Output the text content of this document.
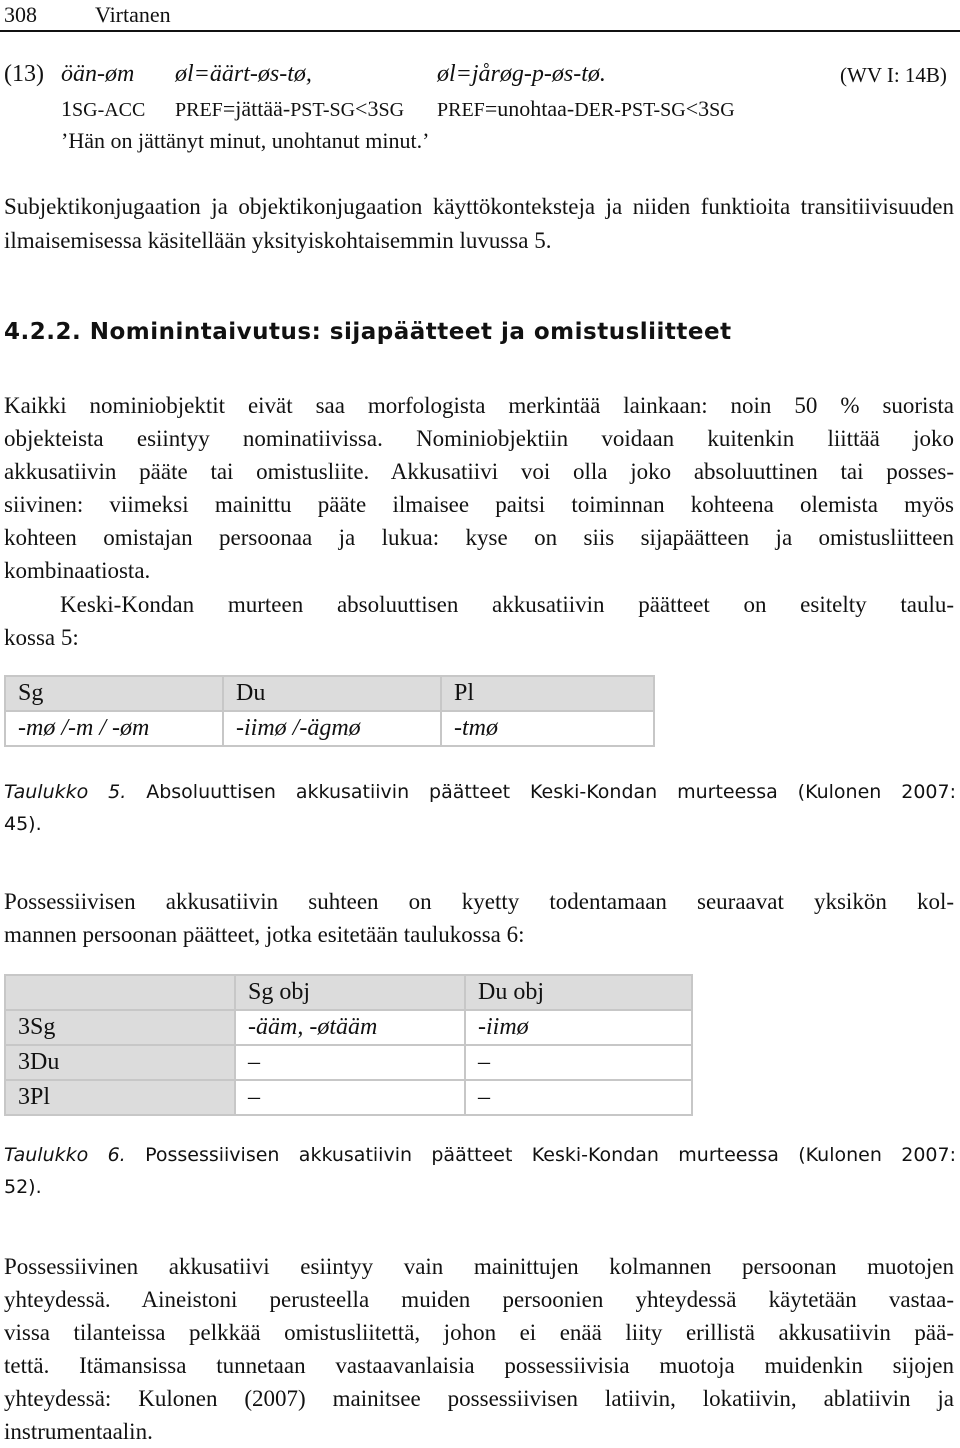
308	Virtanen
(13) öän-øm øl=äärt-øs-tø,	øl=jårøg-p-øs-tø.	(WV I: 14B)
1SG-ACC PREF=jättää-PST-SG<3SG PREF=unohtaa-DER-PST-SG<3SG
’Hän on jättänyt minut, unohtanut minut.’
Subjektikonjugaation ja objektikonjugaation käyttökonteksteja ja niiden funktioita transitiivisuuden ilmaisemisessa käsitellään yksityiskohtaisemmin luvussa 5.
4.2.2. Nominintaivutus: sijapäätteet ja omistusliitteet
Kaikki nominiobjektit eivät saa morfologista merkintää lainkaan: noin 50 % suorista
objekteista esiintyy nominatiivissa. Nominiobjektiin voidaan kuitenkin liittää joko
akkusatiivin pääte tai omistusliite. Akkusatiivi voi olla joko absoluuttinen tai posses-
siivinen: viimeksi mainittu pääte ilmaisee paitsi toiminnan kohteena olemista myös
kohteen omistajan persoonaa ja lukua: kyse on siis sijapäätteen ja omistusliitteen
kombinaatiosta.
Keski-Kondan murteen absoluuttisen akkusatiivin päätteet on esitelty taulu-
kossa 5:
Sg	Du	Pl
-mø /-m / -øm	-iimø /-ägmø	-tmø
Taulukko 5. Absoluuttisen akkusatiivin päätteet Keski-Kondan murteessa (Kulonen 2007:
45).
Possessiivisen akkusatiivin suhteen on kyetty todentamaan seuraavat yksikön kol-
mannen persoonan päätteet, jotka esitetään taulukossa 6:
	Sg obj	Du obj
3Sg	-ääm, -øtääm	-iimø
3Du	–	–
3Pl	–	–
Taulukko 6. Possessiivisen akkusatiivin päätteet Keski-Kondan murteessa (Kulonen 2007:
52).
Possessiivinen akkusatiivi esiintyy vain mainittujen kolmannen persoonan muotojen
yhteydessä. Aineistoni perusteella muiden persoonien yhteydessä käytetään vastaa-
vissa tilanteissa pelkkää omistusliitettä, johon ei enää liity erillistä akkusatiivin pää-
tettä. Itämansissa tunnetaan vastaavanlaisia possessiivisia muotoja muidenkin sijojen
yhteydessä: Kulonen (2007) mainitsee possessiivisen latiivin, lokatiivin, ablatiivin ja
instrumentaalin.
